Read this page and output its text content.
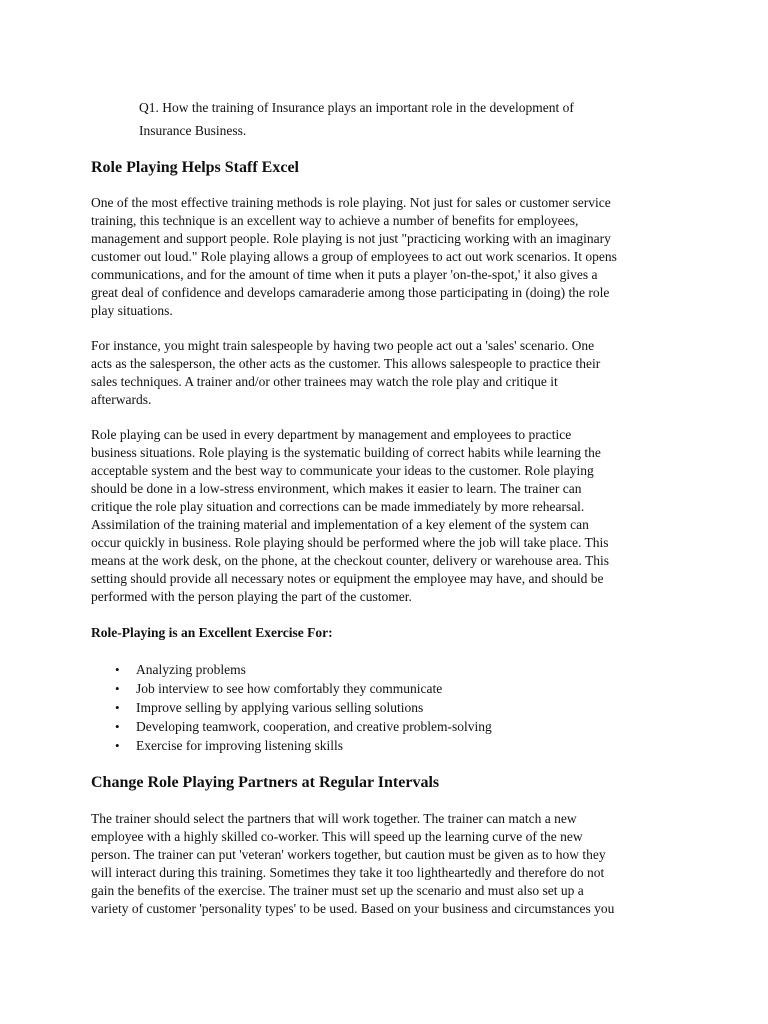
Q1. How the training of Insurance plays an important role in the development of
Insurance Business.

Role Playing Helps Staff Excel

One of the most effective training methods is role playing. Not just for sales or customer service
training, this technique is an excellent way to achieve a number of benefits for employees,
management and support people. Role playing is not just "practicing working with an imaginary
customer out loud." Role playing allows a group of employees to act out work scenarios. It opens
communications, and for the amount of time when it puts a player 'on-the-spot,' it also gives a
great deal of confidence and develops camaraderie among those participating in (doing) the role
play situations.

For instance, you might train salespeople by having two people act out a 'sales' scenario. One
acts as the salesperson, the other acts as the customer. This allows salespeople to practice their
sales techniques. A trainer and/or other trainees may watch the role play and critique it
afterwards.

Role playing can be used in every department by management and employees to practice
business situations. Role playing is the systematic building of correct habits while learning the
acceptable system and the best way to communicate your ideas to the customer. Role playing
should be done in a low-stress environment, which makes it easier to learn. The trainer can
critique the role play situation and corrections can be made immediately by more rehearsal.
Assimilation of the training material and implementation of a key element of the system can
occur quickly in business. Role playing should be performed where the job will take place. This
means at the work desk, on the phone, at the checkout counter, delivery or warehouse area. This
setting should provide all necessary notes or equipment the employee may have, and should be
performed with the person playing the part of the customer.

Role-Playing is an Excellent Exercise For:
• Analyzing problems
• Job interview to see how comfortably they communicate
• Improve selling by applying various selling solutions
• Developing teamwork, cooperation, and creative problem-solving
• Exercise for improving listening skills
Change Role Playing Partners at Regular Intervals

The trainer should select the partners that will work together. The trainer can match a new
employee with a highly skilled co-worker. This will speed up the learning curve of the new
person. The trainer can put 'veteran' workers together, but caution must be given as to how they
will interact during this training. Sometimes they take it too lightheartedly and therefore do not
gain the benefits of the exercise. The trainer must set up the scenario and must also set up a
variety of customer 'personality types' to be used. Based on your business and circumstances you
